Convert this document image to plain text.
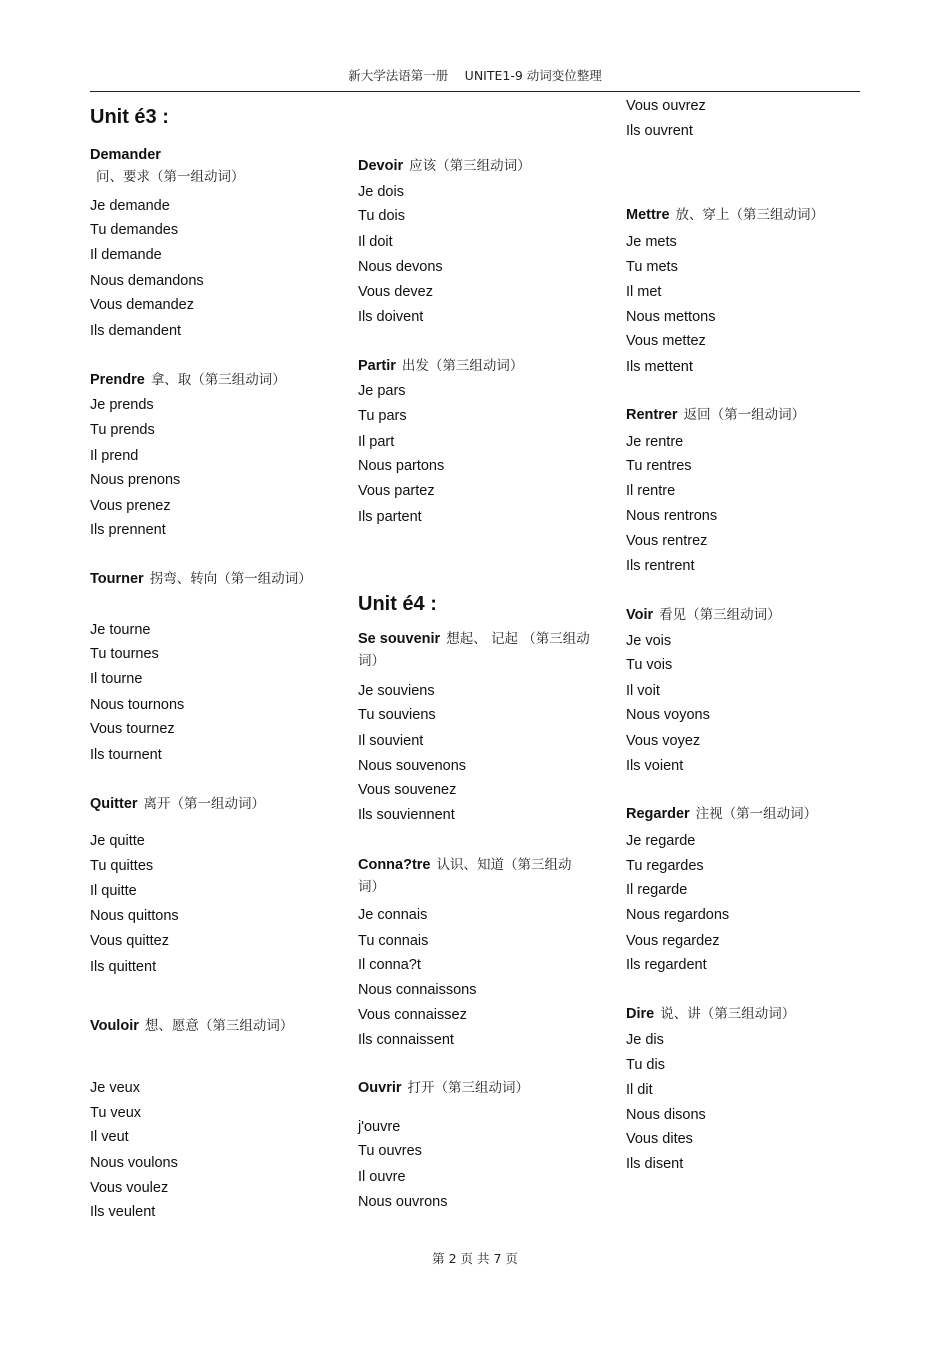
新大学法语第一册　 UNITE1-9 动词变位整理
Unit é3 :
Demander问、要求（第一组动词）
Je demande
Tu demandes
Il demande
Nous demandons
Vous demandez
Ils demandent
Prendre 拿、取（第三组动词）
Je prends
Tu prends
Il prend
Nous prenons
Vous prenez
Ils prennent
Tourner 拐弯、转向（第一组动词）
Je tourne
Tu tournes
Il tourne
Nous tournons
Vous tournez
Ils tournent
Quitter 离开（第一组动词）
Je quitte
Tu quittes
Il quitte
Nous quittons
Vous quittez
Ils quittent
Vouloir 想、愿意（第三组动词）
Je veux
Tu veux
Il veut
Nous voulons
Vous voulez
Ils veulent
Devoir 应该（第三组动词）
Je dois
Tu dois
Il doit
Nous devons
Vous devez
Ils doivent
Partir 出发（第三组动词）
Je pars
Tu pars
Il part
Nous partons
Vous partez
Ils partent
Unit é4 :
Se souvenir 想起、 记起 （第三组动词）
Je souviens
Tu souviens
Il souvient
Nous souvenons
Vous souvenez
Ils souviennent
Conna?tre 认识、知道（第三组动词）
Je connais
Tu connais
Il conna?t
Nous connaissons
Vous connaissez
Ils connaissent
Ouvrir 打开（第三组动词）
j'ouvre
Tu ouvres
Il ouvre
Nous ouvrons
Vous ouvrez
Ils ouvrent
Mettre 放、穿上（第三组动词）
Je mets
Tu mets
Il met
Nous mettons
Vous mettez
Ils mettent
Rentrer 返回（第一组动词）
Je rentre
Tu rentres
Il rentre
Nous rentrons
Vous rentrez
Ils rentrent
Voir 看见（第三组动词）
Je vois
Tu vois
Il voit
Nous voyons
Vous voyez
Ils voient
Regarder 注视（第一组动词）
Je regarde
Tu regardes
Il regarde
Nous regardons
Vous regardez
Ils regardent
Dire 说、讲（第三组动词）
Je dis
Tu dis
Il dit
Nous disons
Vous dites
Ils disent
第 2 页 共 7 页
